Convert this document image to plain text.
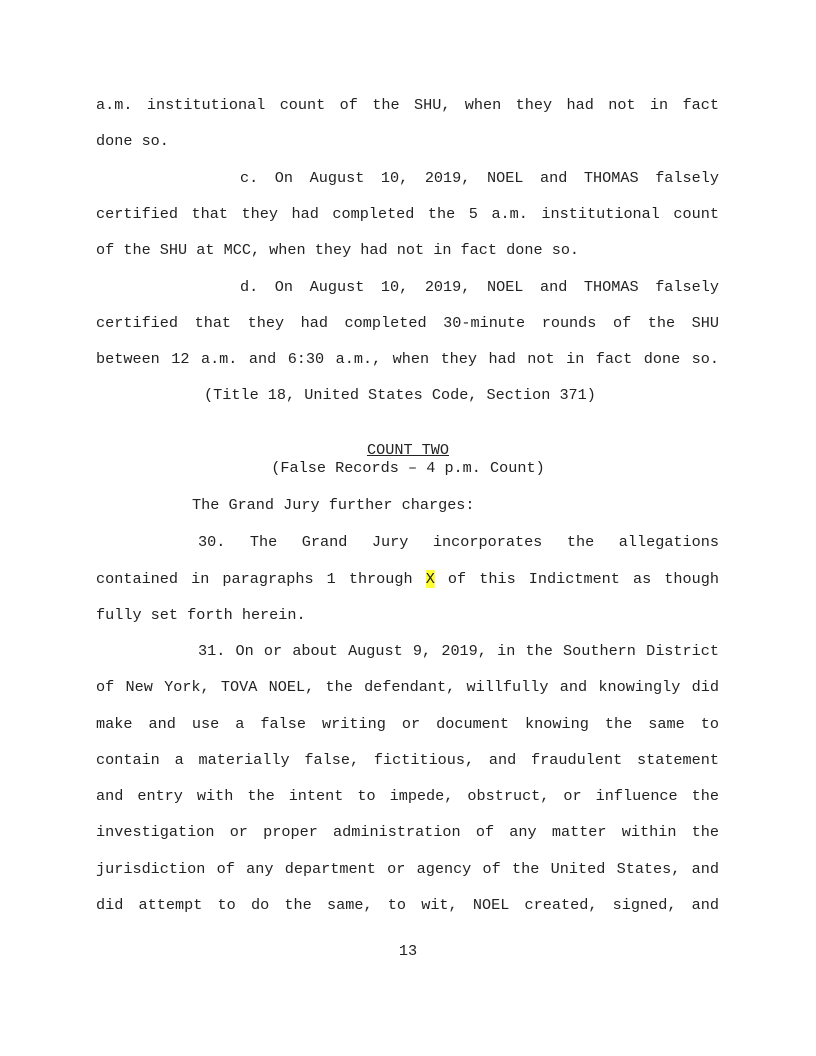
a.m. institutional count of the SHU, when they had not in fact
done so.
c. On August 10, 2019, NOEL and THOMAS falsely
certified that they had completed the 5 a.m. institutional count
of the SHU at MCC, when they had not in fact done so.
d. On August 10, 2019, NOEL and THOMAS falsely
certified that they had completed 30-minute rounds of the SHU
between 12 a.m. and 6:30 a.m., when they had not in fact done so.
(Title 18, United States Code, Section 371)
COUNT TWO
(False Records – 4 p.m. Count)
The Grand Jury further charges:
30. The Grand Jury incorporates the allegations
contained in paragraphs 1 through X of this Indictment as though
fully set forth herein.
31. On or about August 9, 2019, in the Southern District
of New York, TOVA NOEL, the defendant, willfully and knowingly did
make and use a false writing or document knowing the same to
contain a materially false, fictitious, and fraudulent statement
and entry with the intent to impede, obstruct, or influence the
investigation or proper administration of any matter within the
jurisdiction of any department or agency of the United States, and
did attempt to do the same, to wit, NOEL created, signed, and
13
